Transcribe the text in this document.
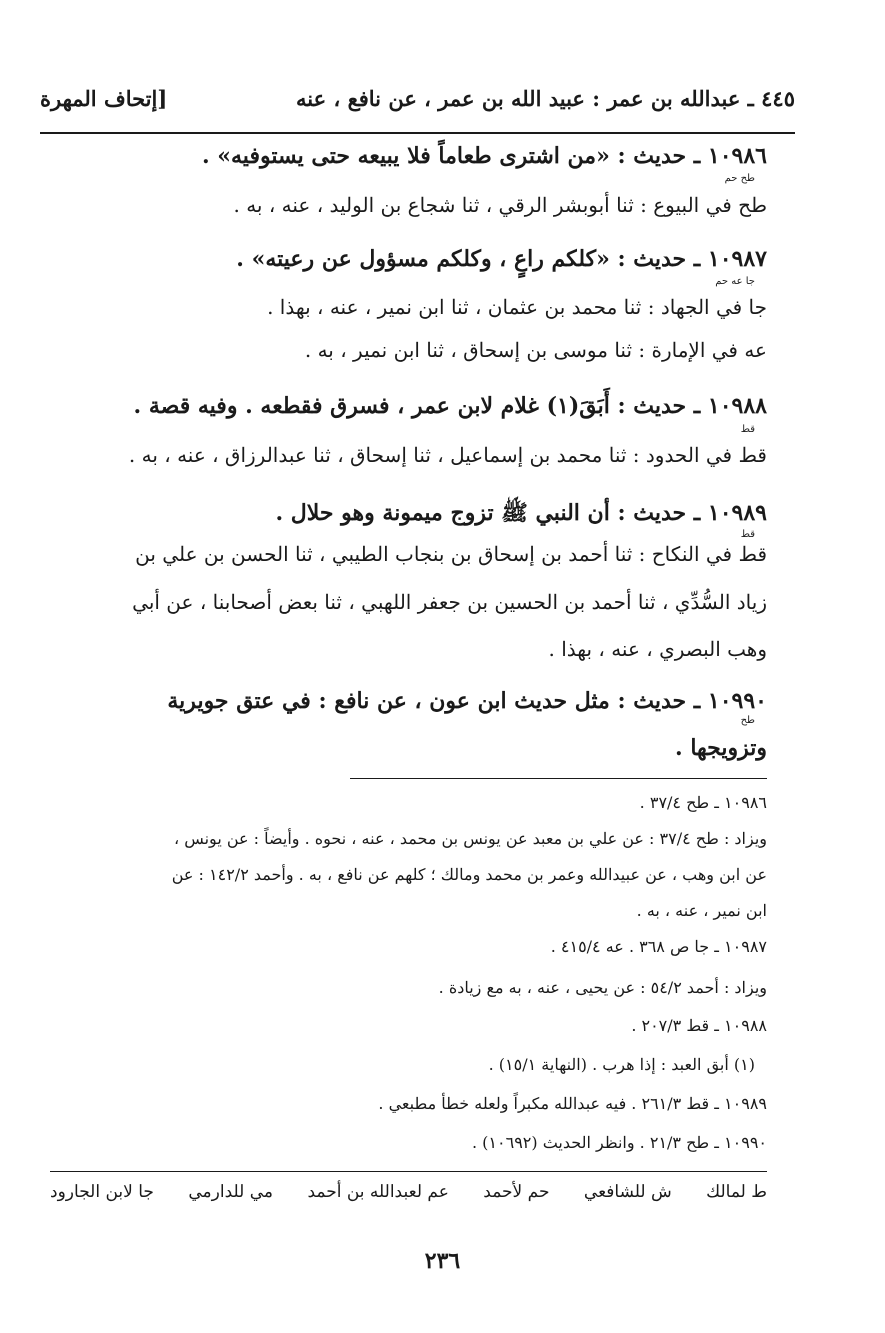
[إتحاف المهرة	٤٤٥ ـ عبدالله بن عمر : عبيد الله بن عمر ، عن نافع ، عنه
١٠٩٨٦ ـ حديث : «من اشترى طعاماً فلا يبيعه حتى يستوفيه» .
طح حم
طح في البيوع : ثنا أبوبشر الرقي ، ثنا شجاع بن الوليد ، عنه ، به .
١٠٩٨٧ ـ حديث : «كلكم راعٍ ، وكلكم مسؤول عن رعيته» .
جا عه حم
جا في الجهاد : ثنا محمد بن عثمان ، ثنا ابن نمير ، عنه ، بهذا .
عه في الإمارة : ثنا موسى بن إسحاق ، ثنا ابن نمير ، به .
١٠٩٨٨ ـ حديث : أَبَقَ(١) غلام لابن عمر ، فسرق فقطعه . وفيه قصة .
قط
قط في الحدود : ثنا محمد بن إسماعيل ، ثنا إسحاق ، ثنا عبدالرزاق ، عنه ، به .
١٠٩٨٩ ـ حديث : أن النبي ﷺ تزوج ميمونة وهو حلال .
قط
قط في النكاح : ثنا أحمد بن إسحاق بن بنجاب الطيبي ، ثنا الحسن بن علي بن
زياد السُّدِّي ، ثنا أحمد بن الحسين بن جعفر اللهبي ، ثنا بعض أصحابنا ، عن أبي
وهب البصري ، عنه ، بهذا .
١٠٩٩٠ ـ حديث : مثل حديث ابن عون ، عن نافع : في عتق جويرية
طح
وتزويجها .
١٠٩٨٦ ـ طح ٣٧/٤ .
ويزاد : طح ٣٧/٤ : عن علي بن معبد عن يونس بن محمد ، عنه ، نحوه . وأيضاً : عن يونس ،
عن ابن وهب ، عن عبيدالله وعمر بن محمد ومالك ؛ كلهم عن نافع ، به . وأحمد ١٤٢/٢ : عن
ابن نمير ، عنه ، به .
١٠٩٨٧ ـ جا ص ٣٦٨ . عه ٤١٥/٤ .
ويزاد : أحمد ٥٤/٢ : عن يحيى ، عنه ، به مع زيادة .
١٠٩٨٨ ـ قط ٢٠٧/٣ .
(١) أبق العبد : إذا هرب . (النهاية ١٥/١) .
١٠٩٨٩ ـ قط ٢٦١/٣ . فيه عبدالله مكبراً ولعله خطأ مطبعي .
١٠٩٩٠ ـ طح ٢١/٣ . وانظر الحديث (١٠٦٩٢) .
ط لمالك
ش للشافعي
حم لأحمد
عم لعبدالله بن أحمد
مي للدارمي
جا لابن الجارود
٢٣٦
